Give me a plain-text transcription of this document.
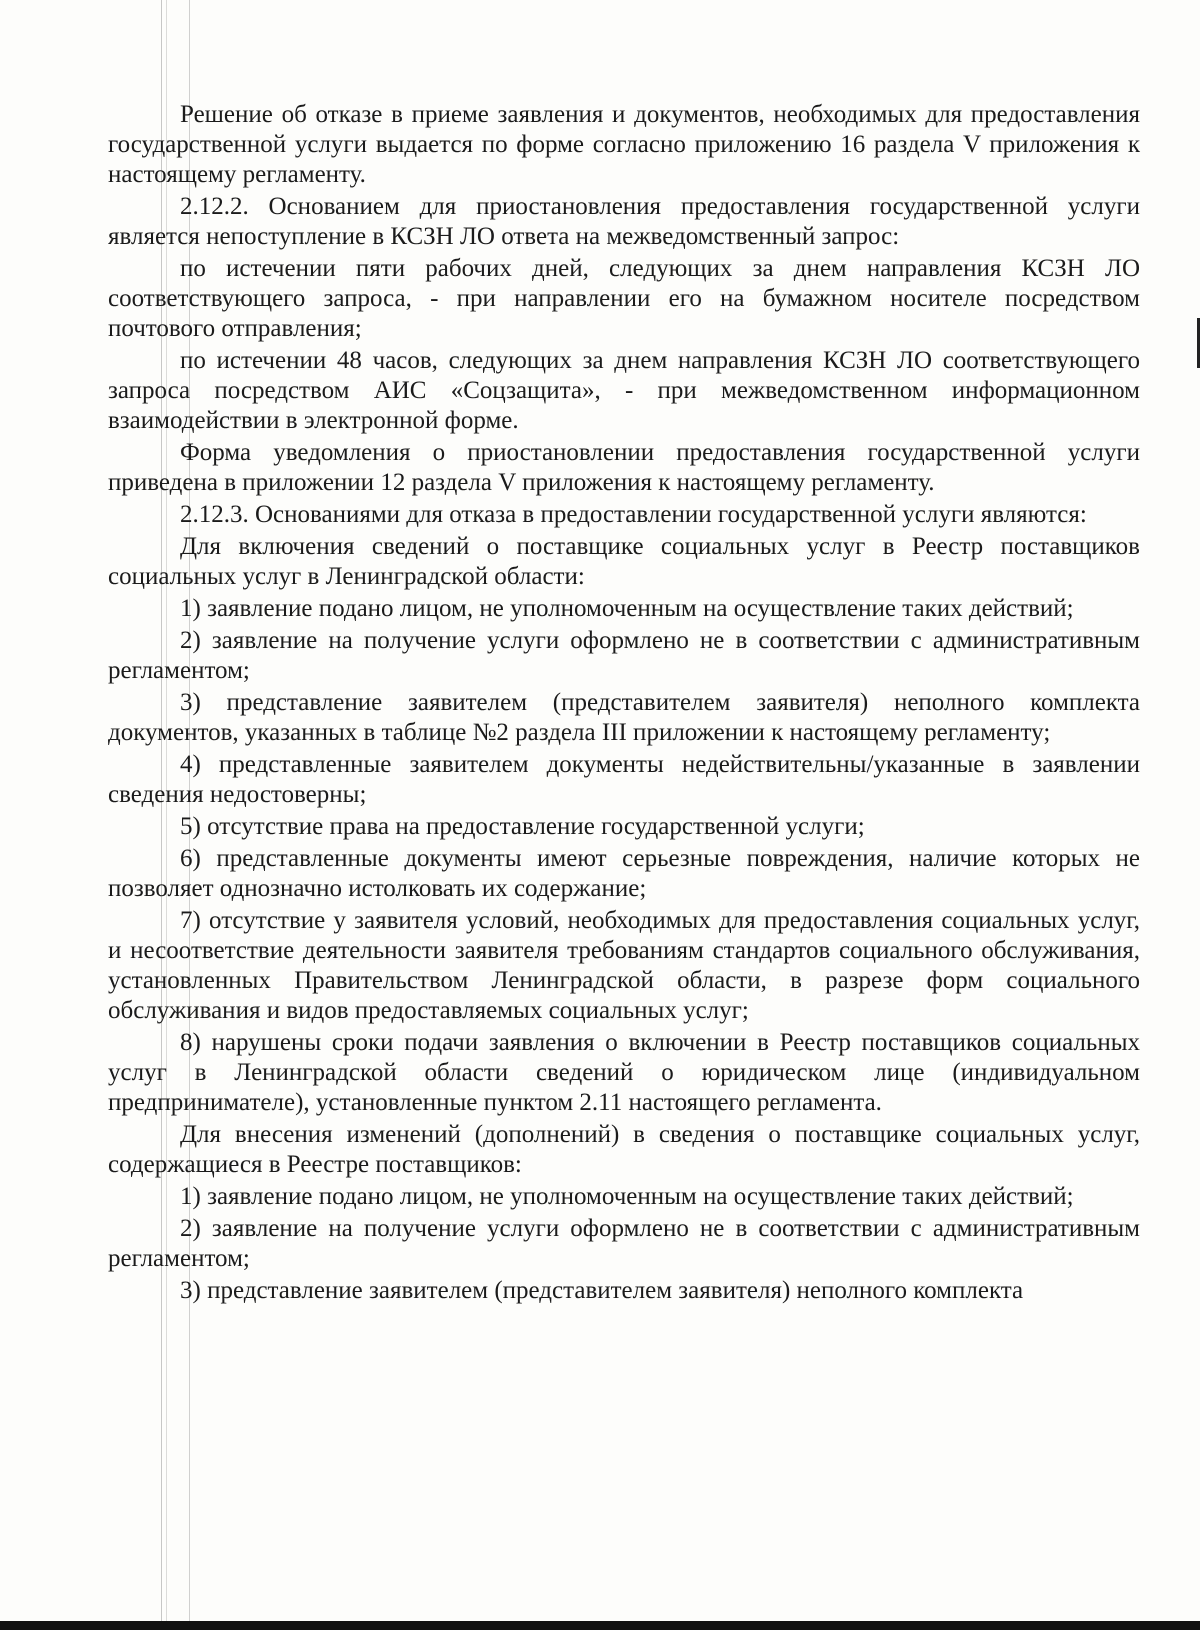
Решение об отказе в приеме заявления и документов, необходимых для предоставления государственной услуги выдается по форме согласно приложению 16 раздела V приложения к настоящему регламенту.

2.12.2. Основанием для приостановления предоставления государственной услуги является непоступление в КСЗН ЛО ответа на межведомственный запрос:

по истечении пяти рабочих дней, следующих за днем направления КСЗН ЛО соответствующего запроса, - при направлении его на бумажном носителе посредством почтового отправления;

по истечении 48 часов, следующих за днем направления КСЗН ЛО соответствующего запроса посредством АИС «Соцзащита», - при межведомственном информационном взаимодействии в электронной форме.

Форма уведомления о приостановлении предоставления государственной услуги приведена в приложении 12 раздела V приложения к настоящему регламенту.

2.12.3. Основаниями для отказа в предоставлении государственной услуги являются:

Для включения сведений о поставщике социальных услуг в Реестр поставщиков социальных услуг в Ленинградской области:

1) заявление подано лицом, не уполномоченным на осуществление таких действий;

2) заявление на получение услуги оформлено не в соответствии с административным регламентом;

3) представление заявителем (представителем заявителя) неполного комплекта документов, указанных в таблице №2 раздела III приложении к настоящему регламенту;

4) представленные заявителем документы недействительны/указанные в заявлении сведения недостоверны;

5) отсутствие права на предоставление государственной услуги;

6) представленные документы имеют серьезные повреждения, наличие которых не позволяет однозначно истолковать их содержание;

7) отсутствие у заявителя условий, необходимых для предоставления социальных услуг, и несоответствие деятельности заявителя требованиям стандартов социального обслуживания, установленных Правительством Ленинградской области, в разрезе форм социального обслуживания и видов предоставляемых социальных услуг;

8) нарушены сроки подачи заявления о включении в Реестр поставщиков социальных услуг в Ленинградской области сведений о юридическом лице (индивидуальном предпринимателе), установленные пунктом 2.11 настоящего регламента.

Для внесения изменений (дополнений) в сведения о поставщике социальных услуг, содержащиеся в Реестре поставщиков:

1) заявление подано лицом, не уполномоченным на осуществление таких действий;

2) заявление на получение услуги оформлено не в соответствии с административным регламентом;

3) представление заявителем (представителем заявителя) неполного комплекта
